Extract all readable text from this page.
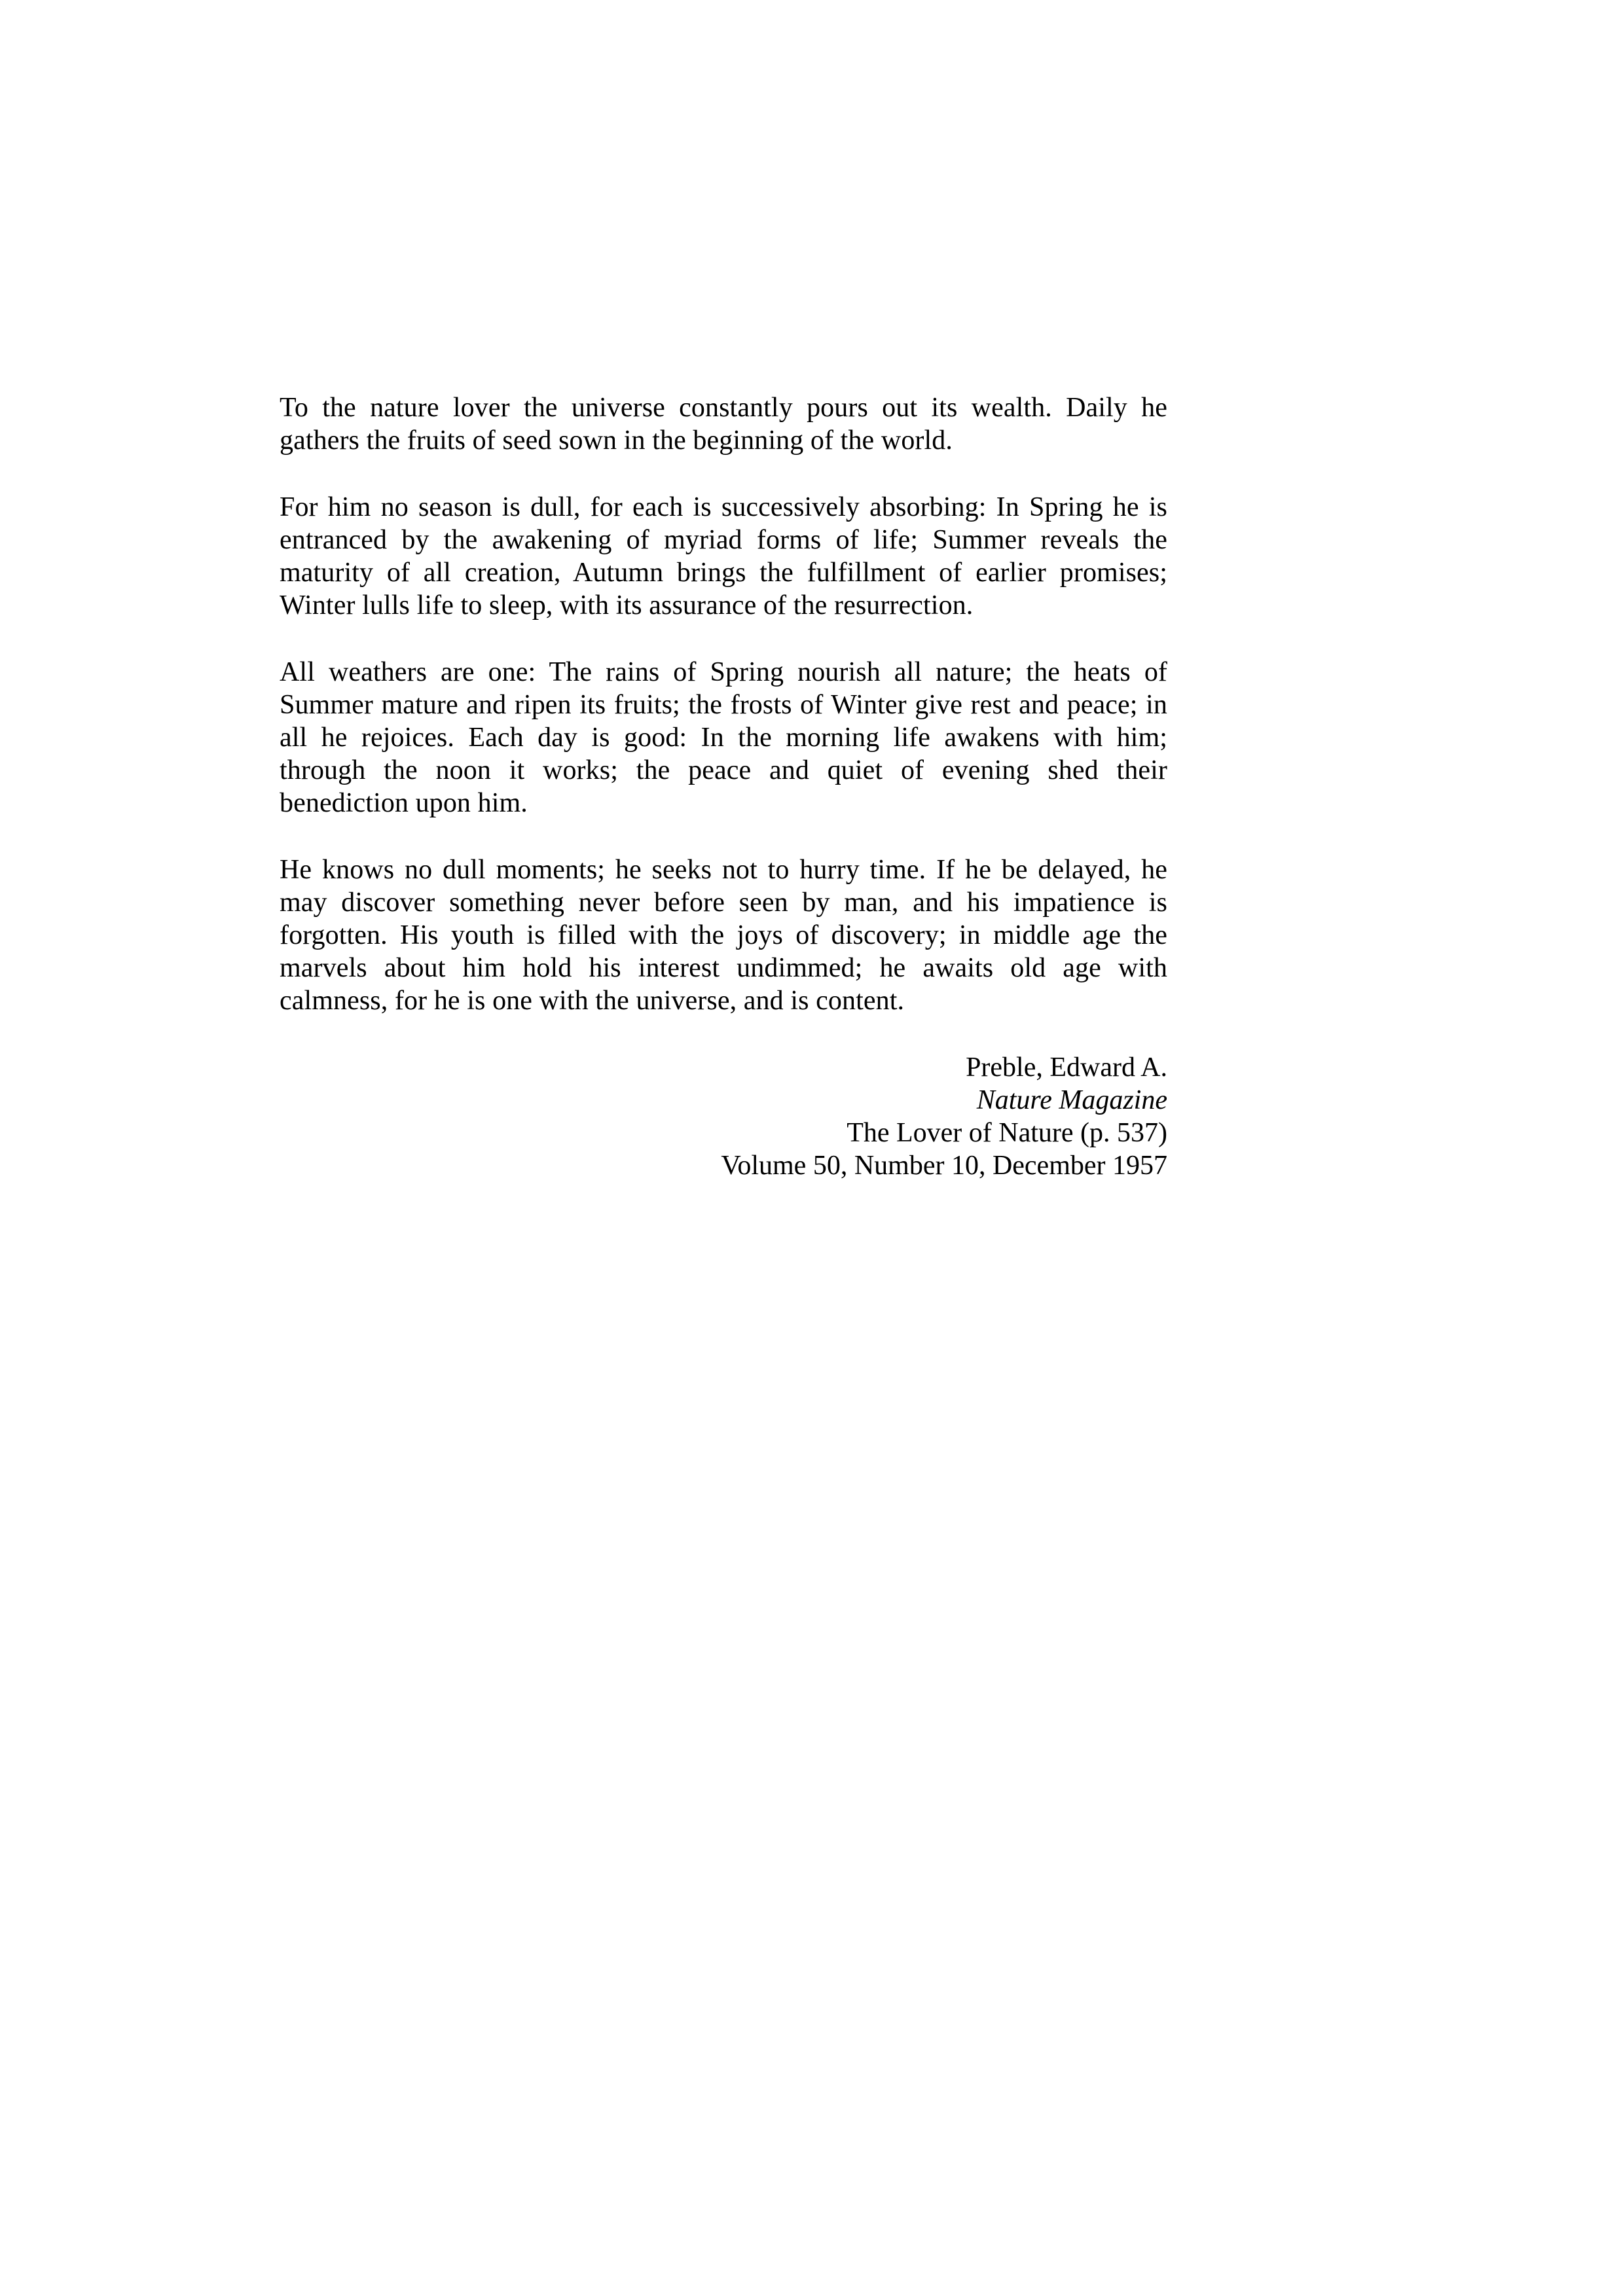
To the nature lover the universe constantly pours out its wealth. Daily he gathers the fruits of seed sown in the beginning of the world.

For him no season is dull, for each is successively absorbing: In Spring he is entranced by the awakening of myriad forms of life; Summer reveals the maturity of all creation, Autumn brings the fulfillment of earlier promises; Winter lulls life to sleep, with its assurance of the resurrection.

All weathers are one: The rains of Spring nourish all nature; the heats of Summer mature and ripen its fruits; the frosts of Winter give rest and peace; in all he rejoices. Each day is good: In the morning life awakens with him; through the noon it works; the peace and quiet of evening shed their benediction upon him.

He knows no dull moments; he seeks not to hurry time. If he be delayed, he may discover something never before seen by man, and his impatience is forgotten. His youth is filled with the joys of discovery; in middle age the marvels about him hold his interest undimmed; he awaits old age with calmness, for he is one with the universe, and is content.

Preble, Edward A.
Nature Magazine
The Lover of Nature (p. 537)
Volume 50, Number 10, December 1957
